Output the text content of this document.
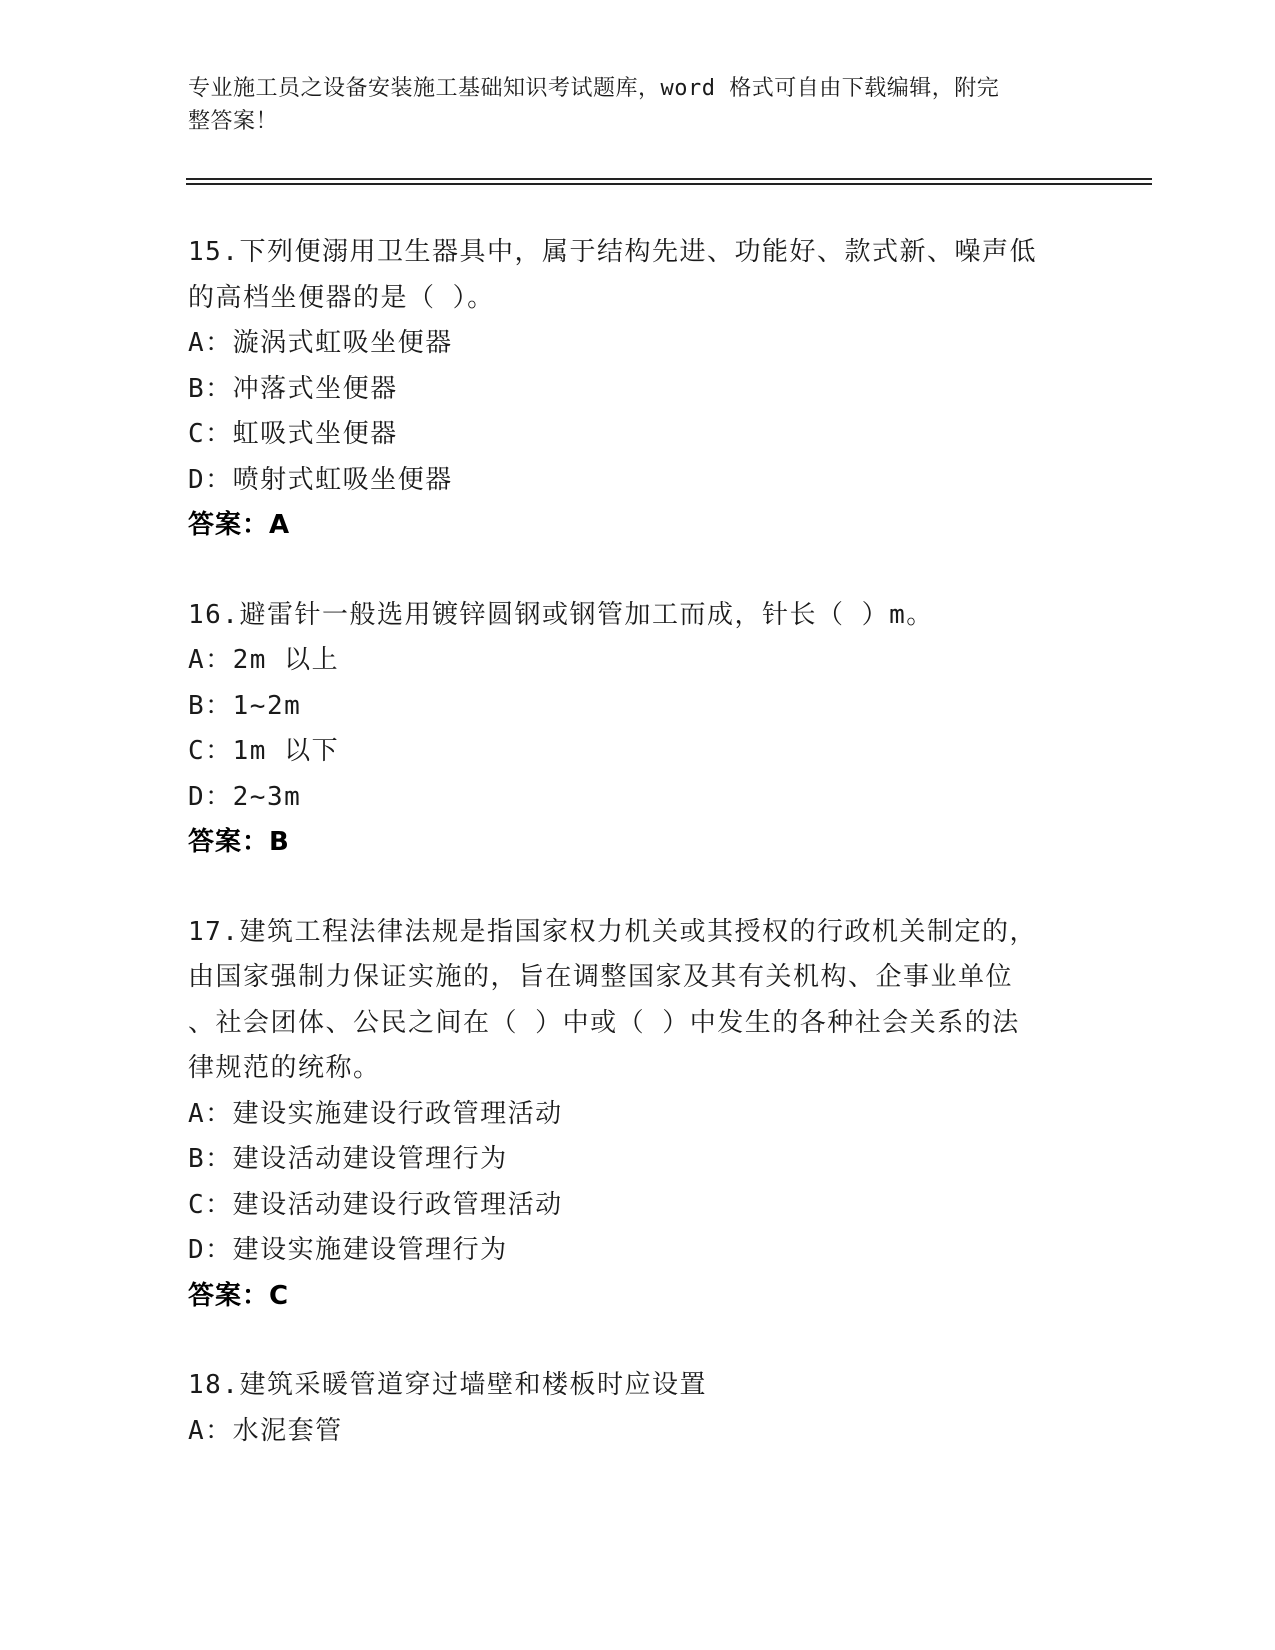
专业施工员之设备安装施工基础知识考试题库，word 格式可自由下载编辑，附完
整答案！

15.下列便溺用卫生器具中，属于结构先进、功能好、款式新、噪声低
的高档坐便器的是（ ）。

A：漩涡式虹吸坐便器

B：冲落式坐便器

C：虹吸式坐便器

D：喷射式虹吸坐便器

答案：A

16.避雷针一般选用镀锌圆钢或钢管加工而成，针长（ ）m。

A：2m 以上

B：1~2m

C：1m 以下

D：2~3m

答案：B

17.建筑工程法律法规是指国家权力机关或其授权的行政机关制定的，
由国家强制力保证实施的，旨在调整国家及其有关机构、企事业单位
、社会团体、公民之间在（ ）中或（ ）中发生的各种社会关系的法
律规范的统称。

A：建设实施建设行政管理活动

B：建设活动建设管理行为

C：建设活动建设行政管理活动

D：建设实施建设管理行为

答案：C

18.建筑采暖管道穿过墙壁和楼板时应设置

A：水泥套管
